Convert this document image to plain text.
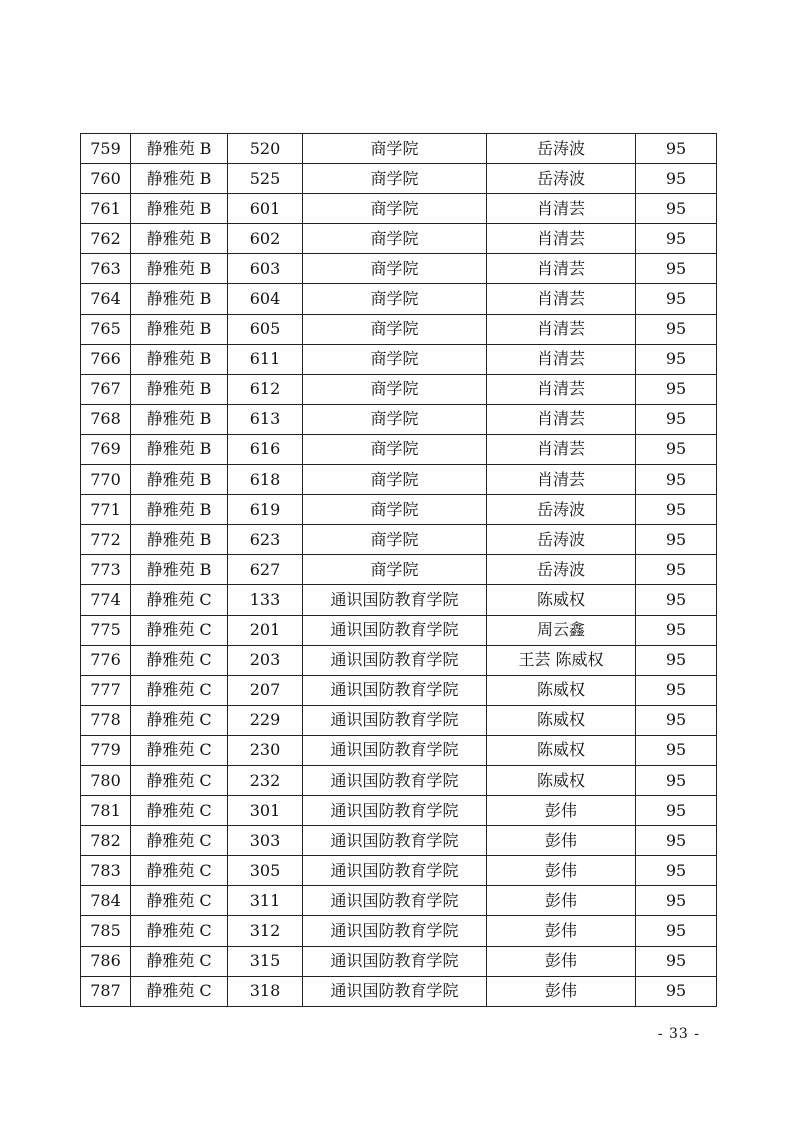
759	静雅苑 B	520	商学院	岳涛波	95
760	静雅苑 B	525	商学院	岳涛波	95
761	静雅苑 B	601	商学院	肖清芸	95
762	静雅苑 B	602	商学院	肖清芸	95
763	静雅苑 B	603	商学院	肖清芸	95
764	静雅苑 B	604	商学院	肖清芸	95
765	静雅苑 B	605	商学院	肖清芸	95
766	静雅苑 B	611	商学院	肖清芸	95
767	静雅苑 B	612	商学院	肖清芸	95
768	静雅苑 B	613	商学院	肖清芸	95
769	静雅苑 B	616	商学院	肖清芸	95
770	静雅苑 B	618	商学院	肖清芸	95
771	静雅苑 B	619	商学院	岳涛波	95
772	静雅苑 B	623	商学院	岳涛波	95
773	静雅苑 B	627	商学院	岳涛波	95
774	静雅苑 C	133	通识国防教育学院	陈威权	95
775	静雅苑 C	201	通识国防教育学院	周云鑫	95
776	静雅苑 C	203	通识国防教育学院	王芸 陈威权	95
777	静雅苑 C	207	通识国防教育学院	陈威权	95
778	静雅苑 C	229	通识国防教育学院	陈威权	95
779	静雅苑 C	230	通识国防教育学院	陈威权	95
780	静雅苑 C	232	通识国防教育学院	陈威权	95
781	静雅苑 C	301	通识国防教育学院	彭伟	95
782	静雅苑 C	303	通识国防教育学院	彭伟	95
783	静雅苑 C	305	通识国防教育学院	彭伟	95
784	静雅苑 C	311	通识国防教育学院	彭伟	95
785	静雅苑 C	312	通识国防教育学院	彭伟	95
786	静雅苑 C	315	通识国防教育学院	彭伟	95
787	静雅苑 C	318	通识国防教育学院	彭伟	95
- 33 -
